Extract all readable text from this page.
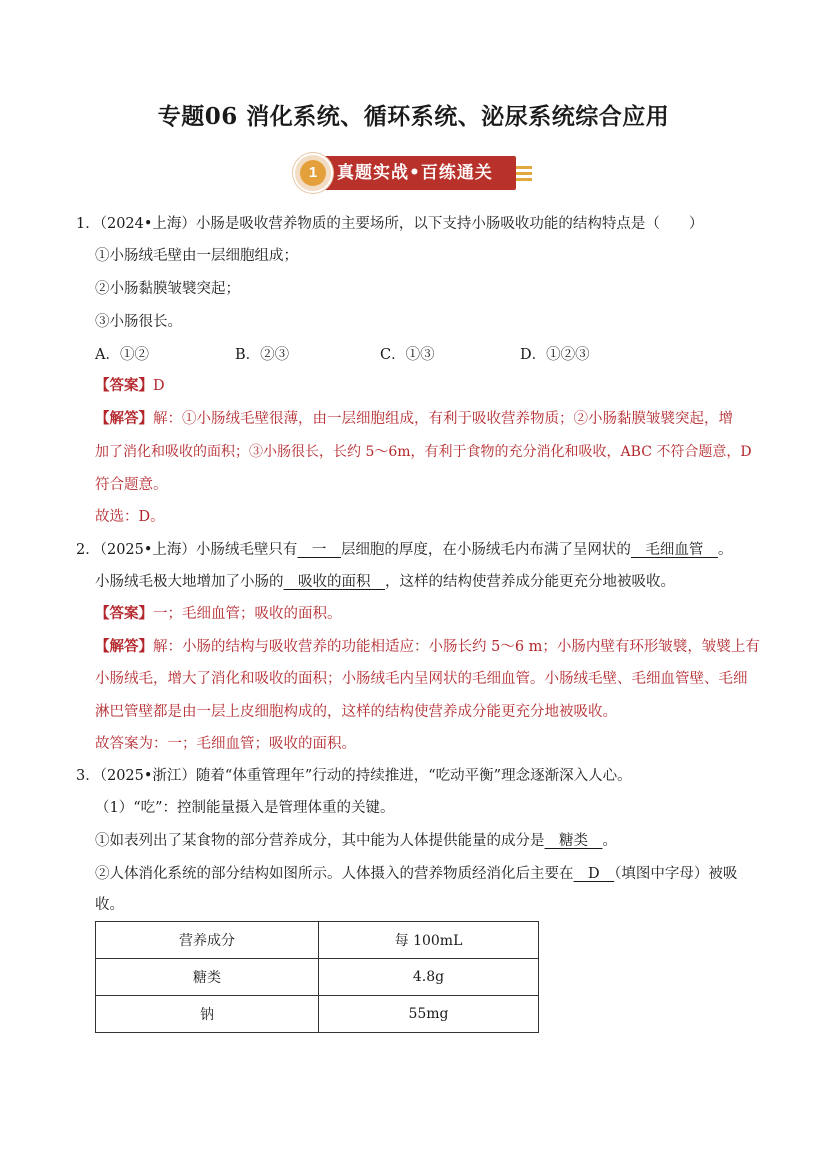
专题06 消化系统、循环系统、泌尿系统综合应用
1	真题实战•百练通关
1．（2024•上海）小肠是吸收营养物质的主要场所，以下支持小肠吸收功能的结构特点是（　　）
①小肠绒毛壁由一层细胞组成；
②小肠黏膜皱襞突起；
③小肠很长。
A．①②	B．②③	C．①③	D．①②③
【答案】D
【解答】解：①小肠绒毛壁很薄，由一层细胞组成，有利于吸收营养物质；②小肠黏膜皱襞突起，增
加了消化和吸收的面积；③小肠很长，长约 5～6m，有利于食物的充分消化和吸收，ABC 不符合题意，D
符合题意。
故选：D。
2．（2025•上海）小肠绒毛壁只有　一　层细胞的厚度，在小肠绒毛内布满了呈网状的　毛细血管　。
小肠绒毛极大地增加了小肠的　吸收的面积　，这样的结构使营养成分能更充分地被吸收。
【答案】一；毛细血管；吸收的面积。
【解答】解：小肠的结构与吸收营养的功能相适应：小肠长约 5～6 m；小肠内壁有环形皱襞，皱襞上有
小肠绒毛，增大了消化和吸收的面积；小肠绒毛内呈网状的毛细血管。小肠绒毛壁、毛细血管壁、毛细
淋巴管壁都是由一层上皮细胞构成的，这样的结构使营养成分能更充分地被吸收。
故答案为：一；毛细血管；吸收的面积。
3．（2025•浙江）随着“体重管理年”行动的持续推进，“吃动平衡”理念逐渐深入人心。
（1）“吃”：控制能量摄入是管理体重的关键。
①如表列出了某食物的部分营养成分，其中能为人体提供能量的成分是　糖类　。
②人体消化系统的部分结构如图所示。人体摄入的营养物质经消化后主要在　D　（填图中字母）被吸
收。
营养成分	每 100mL
糖类	4.8g
钠	55mg
